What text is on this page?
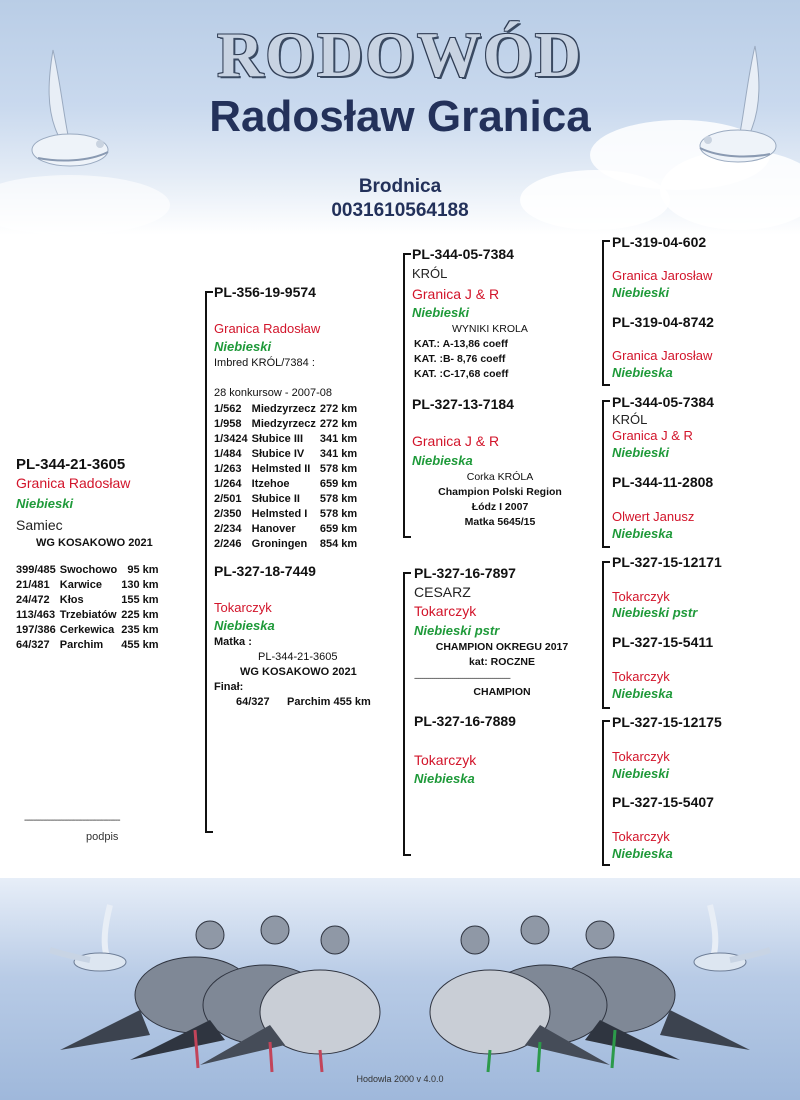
RODOWÓD
Radosław Granica
Brodnica
0031610564188
PL-344-21-3605
Granica Radosław
Niebieski
Samiec
WG KOSAKOWO 2021
399/485	Swochowo	95 km
21/481	Karwice	130 km
24/472	Kłos	155 km
113/463	Trzebiatów	225 km
197/386	Cerkewica	235 km
64/327	Parchim	455 km
-----------------------------------------
podpis
PL-356-19-9574
Granica Radosław
Niebieski
Imbred KRÓL/7384 :
28 konkursow - 2007-08
1/562	Miedzyrzecz	272 km
1/958	Miedzyrzecz	272 km
1/3424	Słubice III	341 km
1/484	Słubice IV	341 km
1/263	Helmsted II	578 km
1/264	Itzehoe	659 km
2/501	Słubice II	578 km
2/350	Helmsted I	578 km
2/234	Hanover	659 km
2/246	Groningen	854 km
PL-327-18-7449
Tokarczyk
Niebieska
Matka :
PL-344-21-3605
WG KOSAKOWO 2021
Finał:
64/327 Parchim 455 km
PL-344-05-7384
KRÓL
Granica J & R
Niebieski
WYNIKI KROLA
KAT.: A-13,86 coeff
KAT. :B- 8,76 coeff
KAT. :C-17,68 coeff
PL-327-13-7184
Granica J & R
Niebieska
Corka KRÓLA
Champion Polski Region
Łódz I 2007
Matka 5645/15
PL-327-16-7897
CESARZ
Tokarczyk
Niebieski pstr
CHAMPION OKREGU 2017
kat: ROCZNE
------------------------------------------------
CHAMPION
PL-327-16-7889
Tokarczyk
Niebieska
PL-319-04-602
Granica Jarosław
Niebieski
PL-319-04-8742
Granica Jarosław
Niebieska
PL-344-05-7384
KRÓL
Granica J & R
Niebieski
PL-344-11-2808
Olwert Janusz
Niebieska
PL-327-15-12171
Tokarczyk
Niebieski pstr
PL-327-15-5411
Tokarczyk
Niebieska
PL-327-15-12175
Tokarczyk
Niebieski
PL-327-15-5407
Tokarczyk
Niebieska
Hodowla 2000 v 4.0.0
